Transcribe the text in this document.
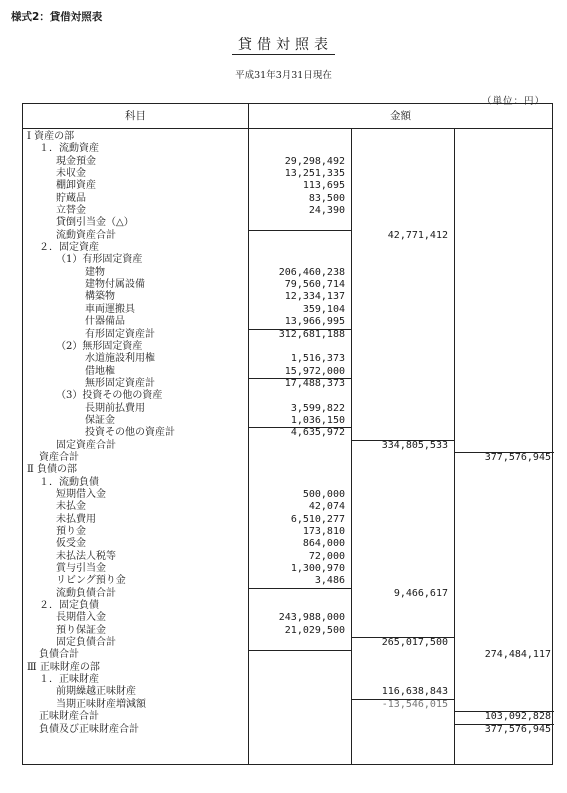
様式2：貸借対照表
貸借対照表
平成31年3月31日現在
（単位：円）
科目	金額
Ⅰ 資産の部
１．流動資産
現金預金	29,298,492
未収金	13,251,335
棚卸資産	113,695
貯蔵品	83,500
立替金	24,390
貸倒引当金（△）
流動資産合計	42,771,412
２．固定資産
（1）有形固定資産
建物	206,460,238
建物付属設備	79,560,714
構築物	12,334,137
車両運搬具	359,104
什器備品	13,966,995
有形固定資産計	312,681,188
（2）無形固定資産
水道施設利用権	1,516,373
借地権	15,972,000
無形固定資産計	17,488,373
（3）投資その他の資産
長期前払費用	3,599,822
保証金	1,036,150
投資その他の資産計	4,635,972
固定資産合計	334,805,533
資産合計	377,576,945
Ⅱ 負債の部
１．流動負債
短期借入金	500,000
未払金	42,074
未払費用	6,510,277
預り金	173,810
仮受金	864,000
未払法人税等	72,000
賞与引当金	1,300,970
リビング預り金	3,486
流動負債合計	9,466,617
２．固定負債
長期借入金	243,988,000
預り保証金	21,029,500
固定負債合計	265,017,500
負債合計	274,484,117
Ⅲ 正味財産の部
１．正味財産
前期繰越正味財産	116,638,843
当期正味財産増減額	-13,546,015
正味財産合計	103,092,828
負債及び正味財産合計	377,576,945
